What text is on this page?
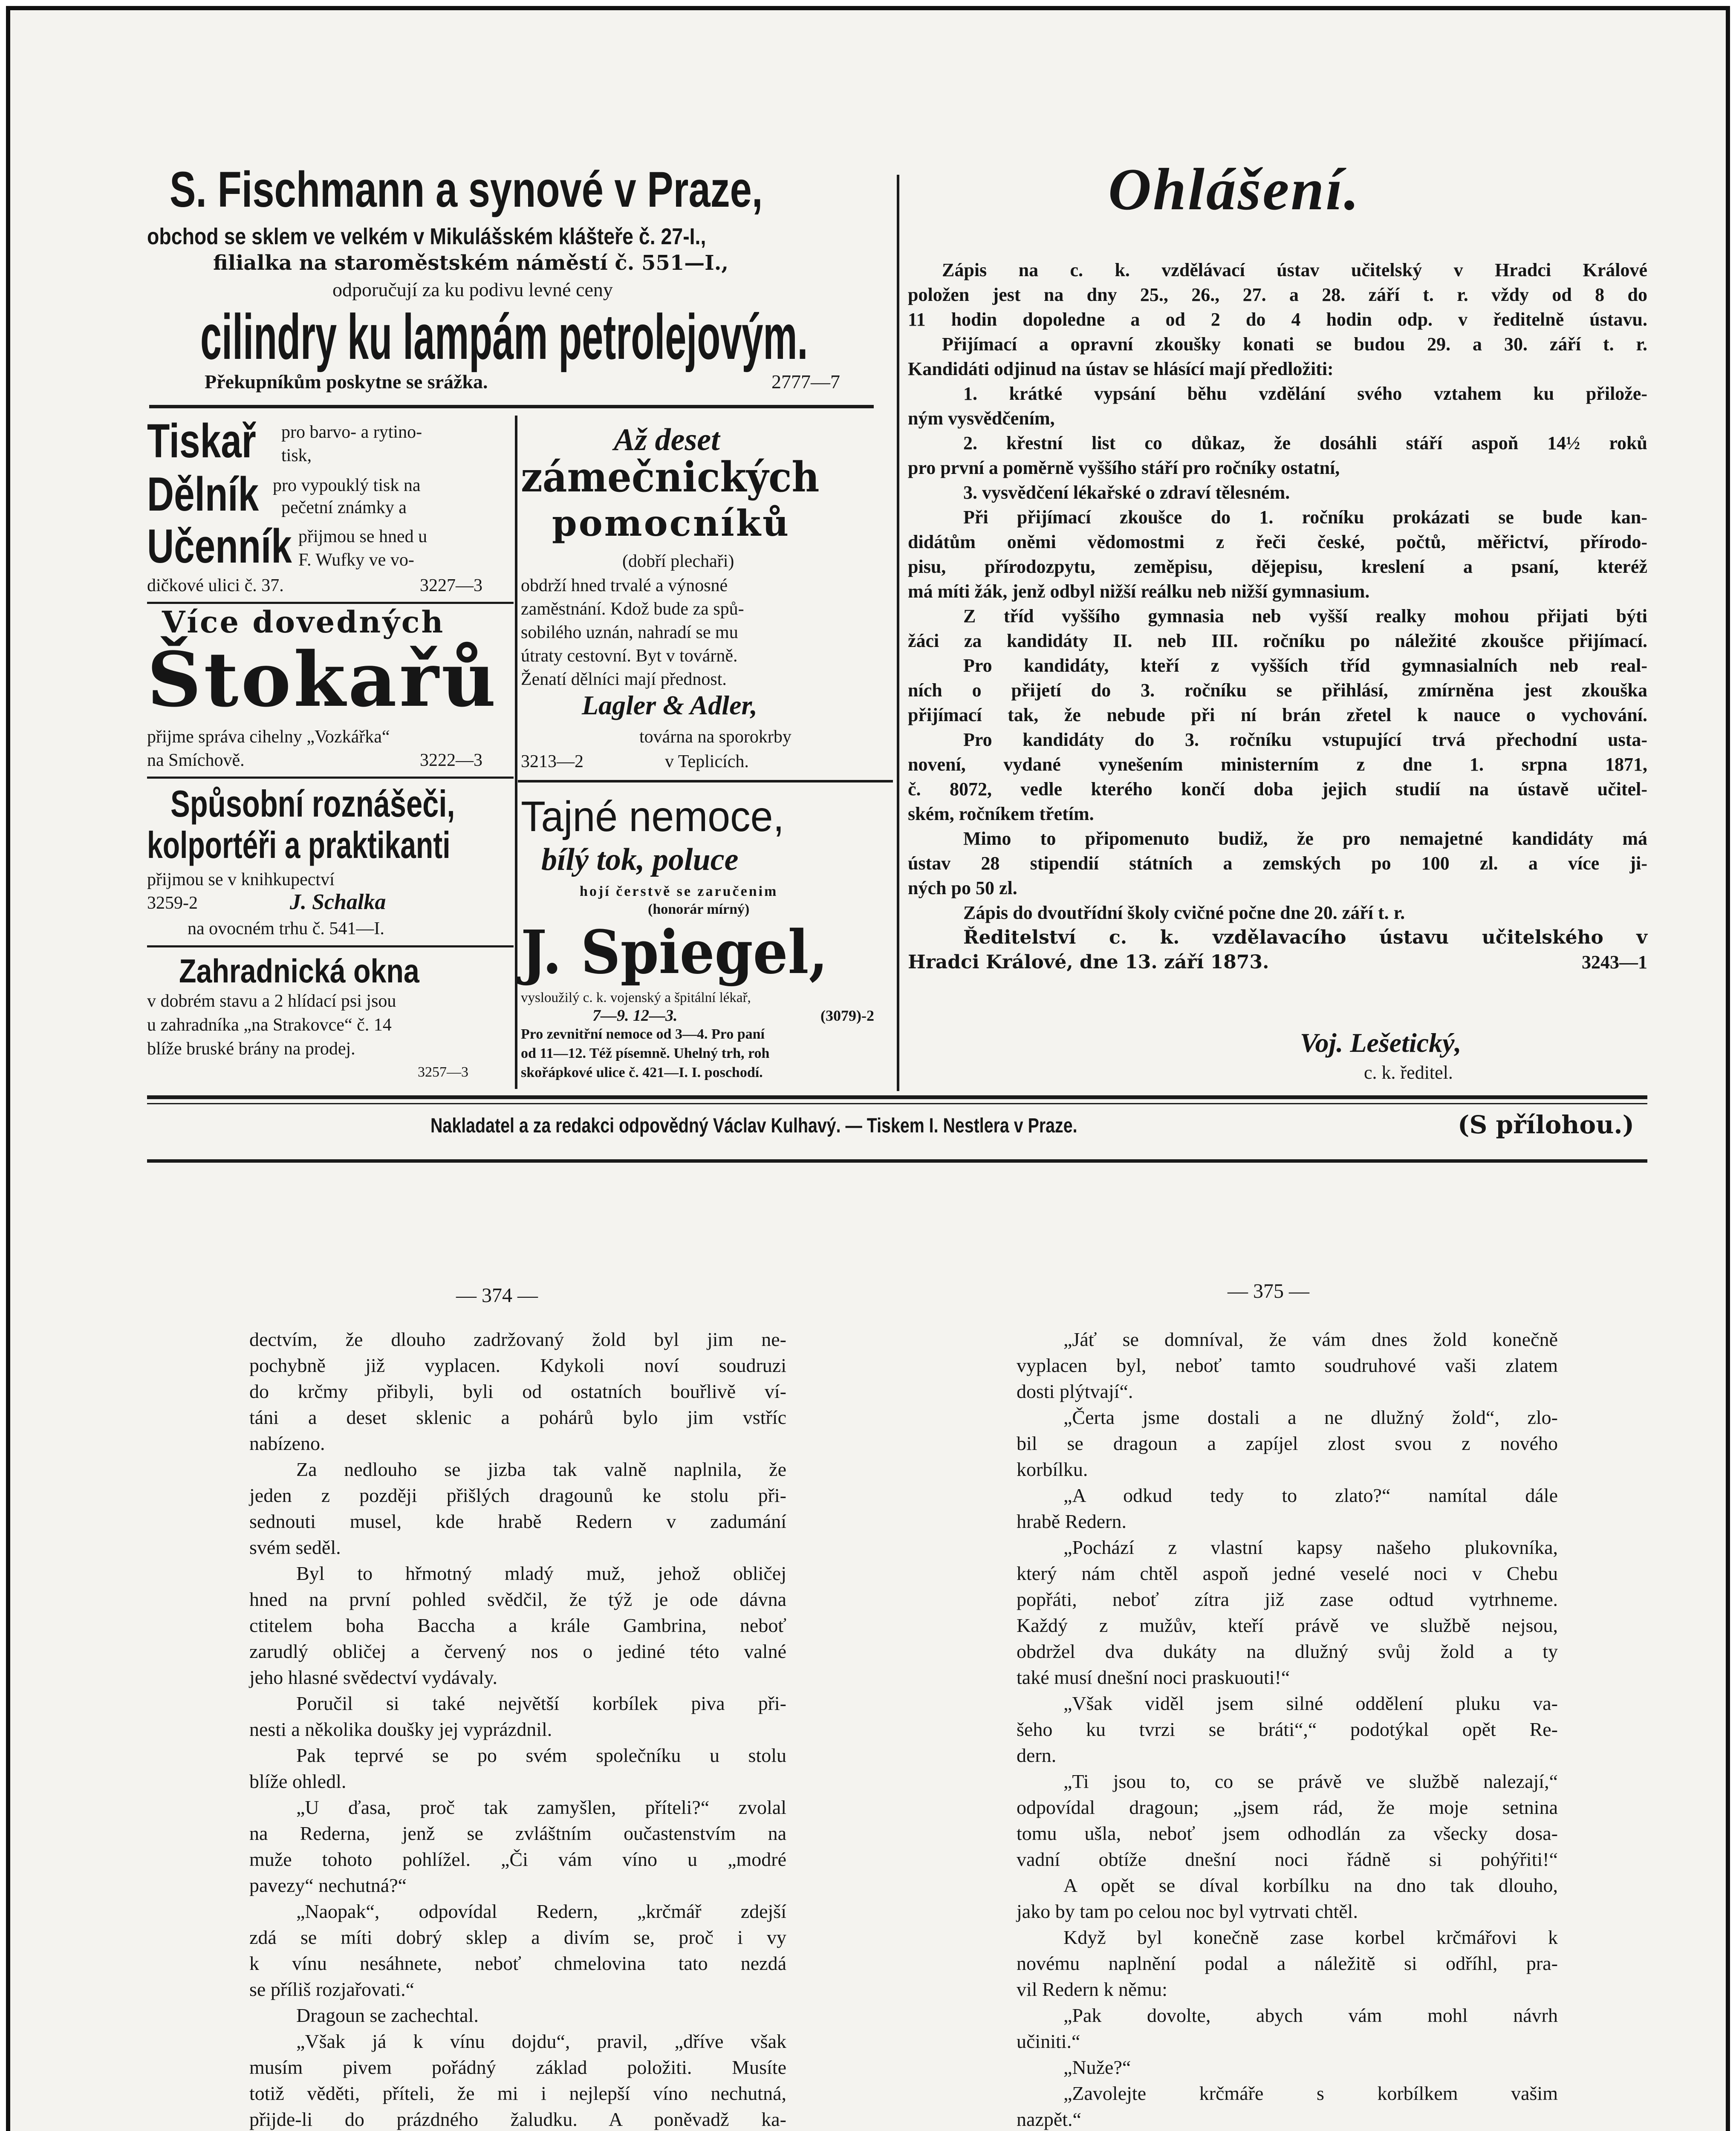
S. Fischmann a synové v Praze,
obchod se sklem ve velkém v Mikulášském klášteře č. 27-I.,
filialka na staroměstském náměstí č. 551—I.,
odporučují za ku podivu levné ceny
cilindry ku lampám petrolejovým.
Překupníkům poskytne se srážka.	2777—7
Tiskař pro barvo- a rytino-
tisk,
Dělník pro vypouklý tisk na
pečetní známky a
Učenník přijmou se hned u
F. Wufky ve vo-
dičkové ulici č. 37.	3227—3
Více dovedných
Štokařů
přijme správa cihelny „Vozkářka“
na Smíchově.	3222—3
Spůsobní roznášeči,
kolportéři a praktikanti
přijmou se v knihkupectví
3259-2	J. Schalka
na ovocném trhu č. 541—I.
Zahradnická okna
v dobrém stavu a 2 hlídací psi jsou
u zahradníka „na Strakovce“ č. 14
blíže bruské brány na prodej.
3257—3
Až deset
zámečnických
pomocníků
(dobří plechaři)
obdrží hned trvalé a výnosné
zaměstnání. Kdož bude za spů-
sobilého uznán, nahradí se mu
útraty cestovní. Byt v továrně.
Ženatí dělníci mají přednost.
Lagler & Adler,
továrna na sporokrby
3213—2	v Teplicích.
Tajné nemoce,
bílý tok, poluce
hojí čerstvě se zaručenim
(honorár mírný)
J. Spiegel,
vysloužilý c. k. vojenský a špitální lékař,
7—9. 12—3.	(3079)-2
Pro zevnitřní nemoce od 3—4. Pro paní
od 11—12. Též písemně. Uhelný trh, roh
skořápkové ulice č. 421—I. I. poschodí.
Ohlášení.
Zápis na c. k. vzdělávací ústav učitelský v Hradci Králové
položen jest na dny 25., 26., 27. a 28. září t. r. vždy od 8 do
11 hodin dopoledne a od 2 do 4 hodin odp. v ředitelně ústavu.
Přijímací a opravní zkoušky konati se budou 29. a 30. září t. r.
Kandidáti odjinud na ústav se hlásící mají předložiti:
1. krátké vypsání běhu vzdělání svého vztahem ku přilože-
ným vysvědčením,
2. křestní list co důkaz, že dosáhli stáří aspoň 14½ roků
pro první a poměrně vyššího stáří pro ročníky ostatní,
3. vysvědčení lékařské o zdraví tělesném.
Při přijímací zkoušce do 1. ročníku prokázati se bude kan-
didátům oněmi vědomostmi z řeči české, počtů, měřictví, přírodo-
pisu, přírodozpytu, zeměpisu, dějepisu, kreslení a psaní, kteréž
má míti žák, jenž odbyl nižší reálku neb nižší gymnasium.
Z tříd vyššího gymnasia neb vyšší realky mohou přijati býti
žáci za kandidáty II. neb III. ročníku po náležité zkoušce přijímací.
Pro kandidáty, kteří z vyšších tříd gymnasialních neb real-
ních o přijetí do 3. ročníku se přihlásí, zmírněna jest zkouška
přijímací tak, že nebude při ní brán zřetel k nauce o vychování.
Pro kandidáty do 3. ročníku vstupující trvá přechodní usta-
novení, vydané vynešením ministerním z dne 1. srpna 1871,
č. 8072, vedle kterého končí doba jejich studií na ústavě učitel-
ském, ročníkem třetím.
Mimo to připomenuto budiž, že pro nemajetné kandidáty má
ústav 28 stipendií státních a zemských po 100 zl. a více ji-
ných po 50 zl.
Zápis do dvoutřídní školy cvičné počne dne 20. září t. r.
Ředitelství c. k. vzdělavacího ústavu učitelského v
Hradci Králové, dne 13. září 1873.	3243—1
Voj. Lešetický,
c. k. ředitel.
Nakladatel a za redakci odpovědný Václav Kulhavý. — Tiskem I. Nestlera v Praze.	(S přílohou.)
— 374 —	— 375 —

dectvím, že dlouho zadržovaný žold byl jim ne-

pochybně již vyplacen. Kdykoli noví soudruzi

do krčmy přibyli, byli od ostatních bouřlivě ví-

táni a deset sklenic a pohárů bylo jim vstříc

nabízeno.

Za nedlouho se jizba tak valně naplnila, že

jeden z později přišlých dragounů ke stolu při-

sednouti musel, kde hrabě Redern v zadumání

svém seděl.

Byl to hřmotný mladý muž, jehož obličej

hned na první pohled svědčil, že týž je ode dávna

ctitelem boha Baccha a krále Gambrina, neboť

zarudlý obličej a červený nos o jediné této valné

jeho hlasné svědectví vydávaly.

Poručil si také největší korbílek piva při-

nesti a několika doušky jej vyprázdnil.

Pak teprvé se po svém společníku u stolu

blíže ohledl.

„U ďasa, proč tak zamyšlen, příteli?“ zvolal

na Rederna, jenž se zvláštním oučastenstvím na

muže tohoto pohlížel. „Či vám víno u „modré

pavezy“ nechutná?“

„Naopak“, odpovídal Redern, „krčmář zdejší

zdá se míti dobrý sklep a divím se, proč i vy

k vínu nesáhnete, neboť chmelovina tato nezdá

se příliš rozjařovati.“

Dragoun se zachechtal.

„Však já k vínu dojdu“, pravil, „dříve však

musím pivem pořádný základ položiti. Musíte

totiž věděti, příteli, že mi i nejlepší víno nechutná,

přijde-li do prázdného žaludku. A poněvadž ka-

„Jáť se domníval, že vám dnes žold konečně

vyplacen byl, neboť tamto soudruhové vaši zlatem

dosti plýtvají“.

„Čerta jsme dostali a ne dlužný žold“, zlo-

bil se dragoun a zapíjel zlost svou z nového

korbílku.

„A odkud tedy to zlato?“ namítal dále

hrabě Redern.

„Pochází z vlastní kapsy našeho plukovníka,

který nám chtěl aspoň jedné veselé noci v Chebu

popřáti, neboť zítra již zase odtud vytrhneme.

Každý z mužův, kteří právě ve službě nejsou,

obdržel dva dukáty na dlužný svůj žold a ty

také musí dnešní noci praskuouti!“

„Však viděl jsem silné oddělení pluku va-

šeho ku tvrzi se bráti“,“ podotýkal opět Re-

dern.

„Ti jsou to, co se právě ve službě nalezají,“

odpovídal dragoun; „jsem rád, že moje setnina

tomu ušla, neboť jsem odhodlán za všecky dosa-

vadní obtíže dnešní noci řádně si pohýřiti!“

A opět se díval korbílku na dno tak dlouho,

jako by tam po celou noc byl vytrvati chtěl.

Když byl konečně zase korbel krčmářovi k

novému naplnění podal a náležitě si odříhl, pra-

vil Redern k němu:

„Pak dovolte, abych vám mohl návrh

učiniti.“

„Nuže?“

„Zavolejte krčmáře s korbílkem vašim

nazpět.“
